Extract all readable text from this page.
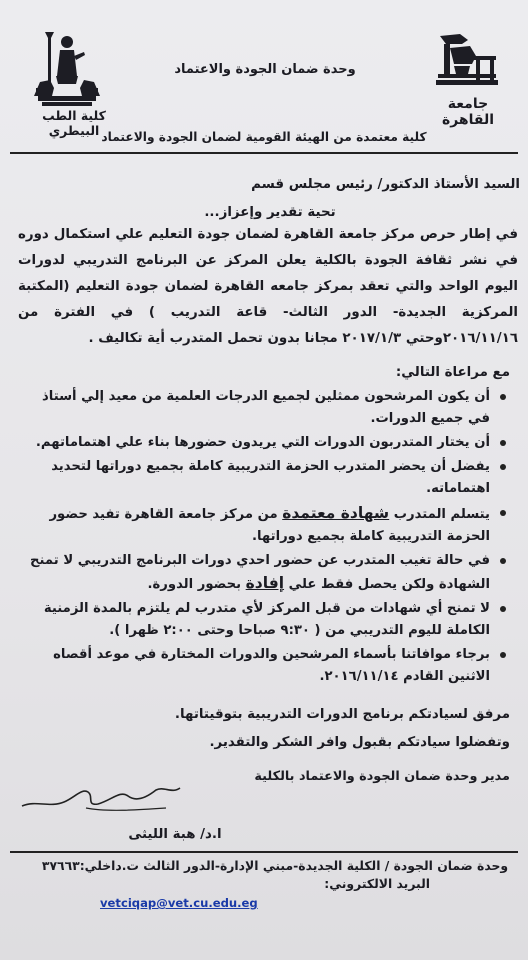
جامعة القاهرة
كلية الطب البيطري
وحدة ضمان الجودة والاعتماد
كلية معتمدة من الهيئة القومية لضمان الجودة والاعتماد
السيد الأستاذ الدكتور/ رئيس مجلس قسم
تحية تقدير وإعزاز...
في إطار حرص مركز جامعة القاهرة لضمان جودة التعليم علي استكمال دوره في نشر ثقافة الجودة بالكلية يعلن المركز عن البرنامج التدريبي لدورات اليوم الواحد والتي تعقد بمركز جامعه القاهرة لضمان جودة التعليم (المكتبة المركزية الجديدة- الدور الثالث- قاعة التدريب ) في الفترة من ٢٠١٦/١١/١٦وحتي ٢٠١٧/١/٣ مجانا بدون تحمل المتدرب أية تكاليف .
مع مراعاة التالي:
أن يكون المرشحون ممثلين لجميع الدرجات العلمية من معيد إلي أستاذ في جميع الدورات.
أن يختار المتدربون الدورات التي يريدون حضورها بناء علي اهتماماتهم.
يفضل أن يحضر المتدرب الحزمة التدريبية كاملة بجميع دوراتها لتحديد اهتماماته.
يتسلم المتدرب شهادة معتمدة من مركز جامعة القاهرة تفيد حضور الحزمة التدريبية كاملة بجميع دوراتها.
في حالة تغيب المتدرب عن حضور احدي دورات البرنامج التدريبي لا تمنح الشهادة ولكن يحصل فقط علي إفادة بحضور الدورة.
لا تمنح أي شهادات من قبل المركز لأي متدرب لم يلتزم بالمدة الزمنية الكاملة لليوم التدريبي من ( ٩:٣٠ صباحا وحتى ٢:٠٠ ظهرا ).
برجاء موافاتنا بأسماء المرشحين والدورات المختارة في موعد أقصاه الاثنين القادم ٢٠١٦/١١/١٤.
مرفق لسيادتكم برنامج الدورات التدريبية بتوقيتاتها.
وتفضلوا سيادتكم بقبول وافر الشكر والتقدير.
مدير وحدة ضمان الجودة والاعتماد بالكلية
ا.د/ هبة الليثى
وحدة ضمان الجودة / الكلية الجديدة-مبني الإدارة-الدور الثالث ت.داخلي:٣٧٦٦٣
البريد الالكتروني:
vetciqap@vet.cu.edu.eg
